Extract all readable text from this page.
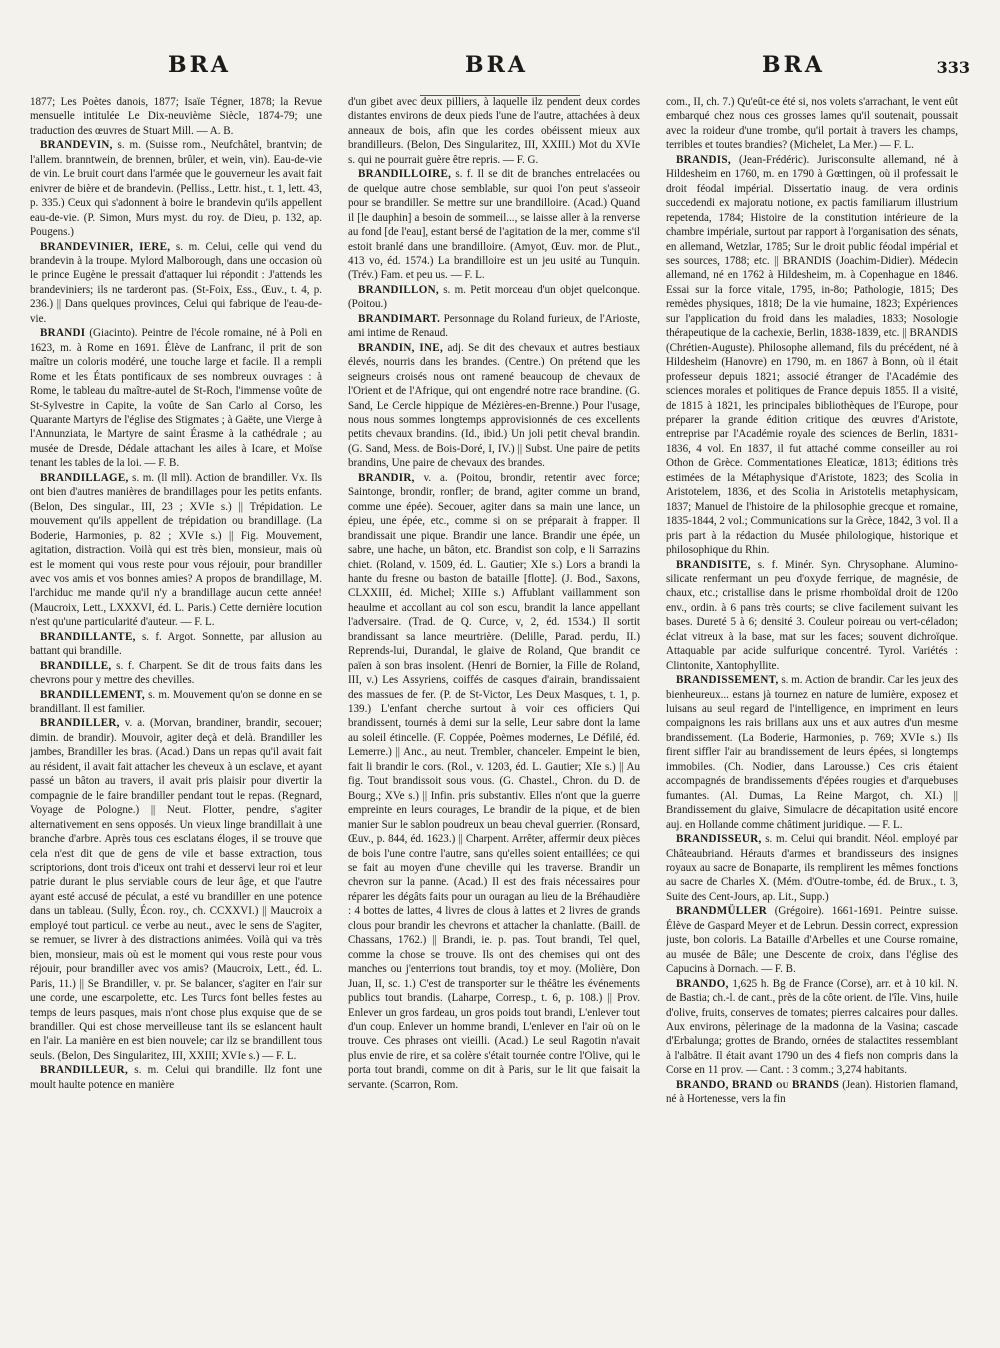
BRA	BRA	BRA	333

1877; Les Poètes danois, 1877; Isaïe Tégner, 1878; la Revue mensuelle intitulée Le Dix-neuvième Siècle, 1874-79; une traduction des œuvres de Stuart Mill. — A. B.

BRANDEVIN, s. m. (Suisse rom., Neufchâtel, brantvin; de l'allem. branntwein, de brennen, brûler, et wein, vin). Eau-de-vie de vin. Le bruit court dans l'armée que le gouverneur les avait fait enivrer de bière et de brandevin. (Pelliss., Lettr. hist., t. 1, lett. 43, p. 335.) Ceux qui s'adonnent à boire le brandevin qu'ils appellent eau-de-vie. (P. Simon, Murs myst. du roy. de Dieu, p. 132, ap. Pougens.)

BRANDEVINIER, IERE, s. m. Celui, celle qui vend du brandevin à la troupe. Mylord Malborough, dans une occasion où le prince Eugène le pressait d'attaquer lui répondit : J'attends les brandeviniers; ils ne tarderont pas. (St-Foix, Ess., Œuv., t. 4, p. 236.) || Dans quelques provinces, Celui qui fabrique de l'eau-de-vie.

BRANDI (Giacinto). Peintre de l'école romaine, né à Poli en 1623, m. à Rome en 1691. Élève de Lanfranc, il prit de son maître un coloris modéré, une touche large et facile. Il a rempli Rome et les États pontificaux de ses nombreux ouvrages : à Rome, le tableau du maître-autel de St-Roch, l'immense voûte de St-Sylvestre in Capite, la voûte de San Carlo al Corso, les Quarante Martyrs de l'église des Stigmates ; à Gaëte, une Vierge à l'Annunziata, le Martyre de saint Érasme à la cathédrale ; au musée de Dresde, Dédale attachant les ailes à Icare, et Moïse tenant les tables de la loi. — F. B.

BRANDILLAGE, s. m. (ll mll). Action de brandiller. Vx. Ils ont bien d'autres manières de brandillages pour les petits enfants. (Belon, Des singular., III, 23 ; XVIe s.) || Trépidation. Le mouvement qu'ils appellent de trépidation ou brandillage. (La Boderie, Harmonies, p. 82 ; XVIe s.) || Fig. Mouvement, agitation, distraction. Voilà qui est très bien, monsieur, mais où est le moment qui vous reste pour vous réjouir, pour brandiller avec vos amis et vos bonnes amies? A propos de brandillage, M. l'archiduc me mande qu'il n'y a brandillage aucun cette année! (Maucroix, Lett., LXXXVI, éd. L. Paris.) Cette dernière locution n'est qu'une particularité d'auteur. — F. L.

BRANDILLANTE, s. f. Argot. Sonnette, par allusion au battant qui brandille.

BRANDILLE, s. f. Charpent. Se dit de trous faits dans les chevrons pour y mettre des chevilles.

BRANDILLEMENT, s. m. Mouvement qu'on se donne en se brandillant. Il est familier.

BRANDILLER, v. a. (Morvan, brandiner, brandir, secouer; dimin. de brandir). Mouvoir, agiter deçà et delà. Brandiller les jambes, Brandiller les bras. (Acad.) Dans un repas qu'il avait fait au résident, il avait fait attacher les cheveux à un esclave, et ayant passé un bâton au travers, il avait pris plaisir pour divertir la compagnie de le faire brandiller pendant tout le repas. (Regnard, Voyage de Pologne.) || Neut. Flotter, pendre, s'agiter alternativement en sens opposés. Un vieux linge brandillait à une branche d'arbre. Après tous ces esclatans éloges, il se trouve que cela n'est dit que de gens de vile et basse extraction, tous scriptorions, dont trois d'iceux ont trahi et desservi leur roi et leur patrie durant le plus serviable cours de leur âge, et que l'autre ayant esté accusé de péculat, a esté vu brandiller en une potence dans un tableau. (Sully, Écon. roy., ch. CCXXVI.) || Maucroix a employé tout particul. ce verbe au neut., avec le sens de S'agiter, se remuer, se livrer à des distractions animées. Voilà qui va très bien, monsieur, mais où est le moment qui vous reste pour vous réjouir, pour brandiller avec vos amis? (Maucroix, Lett., éd. L. Paris, 11.) || Se Brandiller, v. pr. Se balancer, s'agiter en l'air sur une corde, une escarpolette, etc. Les Turcs font belles festes au temps de leurs pasques, mais n'ont chose plus exquise que de se brandiller. Qui est chose merveilleuse tant ils se eslancent hault en l'air. La manière en est bien nouvele; car ilz se brandillent tous seuls. (Belon, Des Singularitez, III, XXIII; XVIe s.) — F. L.

BRANDILLEUR, s. m. Celui qui brandille. Ilz font une moult haulte potence en manière

d'un gibet avec deux pilliers, à laquelle ilz pendent deux cordes distantes environs de deux pieds l'une de l'autre, attachées à deux anneaux de bois, afin que les cordes obéissent mieux aux brandilleurs. (Belon, Des Singularitez, III, XXIII.) Mot du XVIe s. qui ne pourrait guère être repris. — F. G.

BRANDILLOIRE, s. f. Il se dit de branches entrelacées ou de quelque autre chose semblable, sur quoi l'on peut s'asseoir pour se brandiller. Se mettre sur une brandilloire. (Acad.) Quand il [le dauphin] a besoin de sommeil..., se laisse aller à la renverse au fond [de l'eau], estant bersé de l'agitation de la mer, comme s'il estoit branlé dans une brandilloire. (Amyot, Œuv. mor. de Plut., 413 vo, éd. 1574.) La brandilloire est un jeu usité au Tunquin. (Trév.) Fam. et peu us. — F. L.

BRANDILLON, s. m. Petit morceau d'un objet quelconque. (Poitou.)

BRANDIMART. Personnage du Roland furieux, de l'Arioste, ami intime de Renaud.

BRANDIN, INE, adj. Se dit des chevaux et autres bestiaux élevés, nourris dans les brandes. (Centre.) On prétend que les seigneurs croisés nous ont ramené beaucoup de chevaux de l'Orient et de l'Afrique, qui ont engendré notre race brandine. (G. Sand, Le Cercle hippique de Mézières-en-Brenne.) Pour l'usage, nous nous sommes longtemps approvisionnés de ces excellents petits chevaux brandins. (Id., ibid.) Un joli petit cheval brandin. (G. Sand, Mess. de Bois-Doré, I, IV.) || Subst. Une paire de petits brandins, Une paire de chevaux des brandes.

BRANDIR, v. a. (Poitou, brondir, retentir avec force; Saintonge, brondir, ronfler; de brand, agiter comme un brand, comme une épée). Secouer, agiter dans sa main une lance, un épieu, une épée, etc., comme si on se préparait à frapper. Il brandissait une pique. Brandir une lance. Brandir une épée, un sabre, une hache, un bâton, etc. Brandist son colp, e li Sarrazins chiet. (Roland, v. 1509, éd. L. Gautier; XIe s.) Lors a brandi la hante du fresne ou baston de bataille [flotte]. (J. Bod., Saxons, CLXXIII, éd. Michel; XIIIe s.) Affublant vaillamment son heaulme et accollant au col son escu, brandit la lance appellant l'adversaire. (Trad. de Q. Curce, v, 2, éd. 1534.) Il sortit brandissant sa lance meurtrière. (Delille, Parad. perdu, II.) Reprends-lui, Durandal, le glaive de Roland, Que brandit ce païen à son bras insolent. (Henri de Bornier, la Fille de Roland, III, v.) Les Assyriens, coiffés de casques d'airain, brandissaient des massues de fer. (P. de St-Victor, Les Deux Masques, t. 1, p. 139.) L'enfant cherche surtout à voir ces officiers Qui brandissent, tournés à demi sur la selle, Leur sabre dont la lame au soleil étincelle. (F. Coppée, Poèmes modernes, Le Défilé, éd. Lemerre.) || Anc., au neut. Trembler, chanceler. Empeint le bien, fait li brandir le cors. (Rol., v. 1203, éd. L. Gautier; XIe s.) || Au fig. Tout brandissoit sous vous. (G. Chastel., Chron. du D. de Bourg.; XVe s.) || Infin. pris substantiv. Elles n'ont que la guerre empreinte en leurs courages, Le brandir de la pique, et de bien manier Sur le sablon poudreux un beau cheval guerrier. (Ronsard, Œuv., p. 844, éd. 1623.) || Charpent. Arrêter, affermir deux pièces de bois l'une contre l'autre, sans qu'elles soient entaillées; ce qui se fait au moyen d'une cheville qui les traverse. Brandir un chevron sur la panne. (Acad.) Il est des frais nécessaires pour réparer les dégâts faits pour un ouragan au lieu de la Bréhaudière : 4 bottes de lattes, 4 livres de clous à lattes et 2 livres de grands clous pour brandir les chevrons et attacher la chanlatte. (Baill. de Chassans, 1762.) || Brandi, ie. p. pas. Tout brandi, Tel quel, comme la chose se trouve. Ils ont des chemises qui ont des manches ou j'enterrions tout brandis, toy et moy. (Molière, Don Juan, II, sc. 1.) C'est de transporter sur le théâtre les événements publics tout brandis. (Laharpe, Corresp., t. 6, p. 108.) || Prov. Enlever un gros fardeau, un gros poids tout brandi, L'enlever tout d'un coup. Enlever un homme brandi, L'enlever en l'air où on le trouve. Ces phrases ont vieilli. (Acad.) Le seul Ragotin n'avait plus envie de rire, et sa colère s'était tournée contre l'Olive, qui le porta tout brandi, comme on dit à Paris, sur le lit que faisait la servante. (Scarron, Rom.

com., II, ch. 7.) Qu'eût-ce été si, nos volets s'arrachant, le vent eût embarqué chez nous ces grosses lames qu'il soutenait, poussait avec la roideur d'une trombe, qu'il portait à travers les champs, terribles et toutes brandies? (Michelet, La Mer.) — F. L.

BRANDIS, (Jean-Frédéric). Jurisconsulte allemand, né à Hildesheim en 1760, m. en 1790 à Gœttingen, où il professait le droit féodal impérial. Dissertatio inaug. de vera ordinis succedendi ex majoratu notione, ex pactis familiarum illustrium repetenda, 1784; Histoire de la constitution intérieure de la chambre impériale, surtout par rapport à l'organisation des sénats, en allemand, Wetzlar, 1785; Sur le droit public féodal impérial et ses sources, 1788; etc. || BRANDIS (Joachim-Didier). Médecin allemand, né en 1762 à Hildesheim, m. à Copenhague en 1846. Essai sur la force vitale, 1795, in-8o; Pathologie, 1815; Des remèdes physiques, 1818; De la vie humaine, 1823; Expériences sur l'application du froid dans les maladies, 1833; Nosologie thérapeutique de la cachexie, Berlin, 1838-1839, etc. || BRANDIS (Chrétien-Auguste). Philosophe allemand, fils du précédent, né à Hildesheim (Hanovre) en 1790, m. en 1867 à Bonn, où il était professeur depuis 1821; associé étranger de l'Académie des sciences morales et politiques de France depuis 1855. Il a visité, de 1815 à 1821, les principales bibliothèques de l'Europe, pour préparer la grande édition critique des œuvres d'Aristote, entreprise par l'Académie royale des sciences de Berlin, 1831-1836, 4 vol. En 1837, il fut attaché comme conseiller au roi Othon de Grèce. Commentationes Eleaticæ, 1813; éditions très estimées de la Métaphysique d'Aristote, 1823; des Scolia in Aristotelem, 1836, et des Scolia in Aristotelis metaphysicam, 1837; Manuel de l'histoire de la philosophie grecque et romaine, 1835-1844, 2 vol.; Communications sur la Grèce, 1842, 3 vol. Il a pris part à la rédaction du Musée philologique, historique et philosophique du Rhin.

BRANDISITE, s. f. Minér. Syn. Chrysophane. Alumino-silicate renfermant un peu d'oxyde ferrique, de magnésie, de chaux, etc.; cristallise dans le prisme rhomboïdal droit de 120o env., ordin. à 6 pans très courts; se clive facilement suivant les bases. Dureté 5 à 6; densité 3. Couleur poireau ou vert-céladon; éclat vitreux à la base, mat sur les faces; souvent dichroïque. Attaquable par acide sulfurique concentré. Tyrol. Variétés : Clintonite, Xantophyllite.

BRANDISSEMENT, s. m. Action de brandir. Car les jeux des bienheureux... estans jà tournez en nature de lumière, exposez et luisans au seul regard de l'intelligence, en impriment en leurs compaignons les rais brillans aux uns et aux autres d'un mesme brandissement. (La Boderie, Harmonies, p. 769; XVIe s.) Ils firent siffler l'air au brandissement de leurs épées, si longtemps immobiles. (Ch. Nodier, dans Larousse.) Ces cris étaient accompagnés de brandissements d'épées rougies et d'arquebuses fumantes. (Al. Dumas, La Reine Margot, ch. XI.) || Brandissement du glaive, Simulacre de décapitation usité encore auj. en Hollande comme châtiment juridique. — F. L.

BRANDISSEUR, s. m. Celui qui brandit. Néol. employé par Châteaubriand. Hérauts d'armes et brandisseurs des insignes royaux au sacre de Bonaparte, ils remplirent les mêmes fonctions au sacre de Charles X. (Mém. d'Outre-tombe, éd. de Brux., t. 3, Suite des Cent-Jours, ap. Lit., Supp.)

BRANDMÜLLER (Grégoire). 1661-1691. Peintre suisse. Élève de Gaspard Meyer et de Lebrun. Dessin correct, expression juste, bon coloris. La Bataille d'Arbelles et une Course romaine, au musée de Bâle; une Descente de croix, dans l'église des Capucins à Dornach. — F. B.

BRANDO, 1,625 h. Bg de France (Corse), arr. et à 10 kil. N. de Bastia; ch.-l. de cant., près de la côte orient. de l'île. Vins, huile d'olive, fruits, conserves de tomates; pierres calcaires pour dalles. Aux environs, pèlerinage de la madonna de la Vasina; cascade d'Erbalunga; grottes de Brando, ornées de stalactites ressemblant à l'albâtre. Il était avant 1790 un des 4 fiefs non compris dans la Corse en 11 prov. — Cant. : 3 comm.; 3,274 habitants.

BRANDO, BRAND ou BRANDS (Jean). Historien flamand, né à Hortenesse, vers la fin
